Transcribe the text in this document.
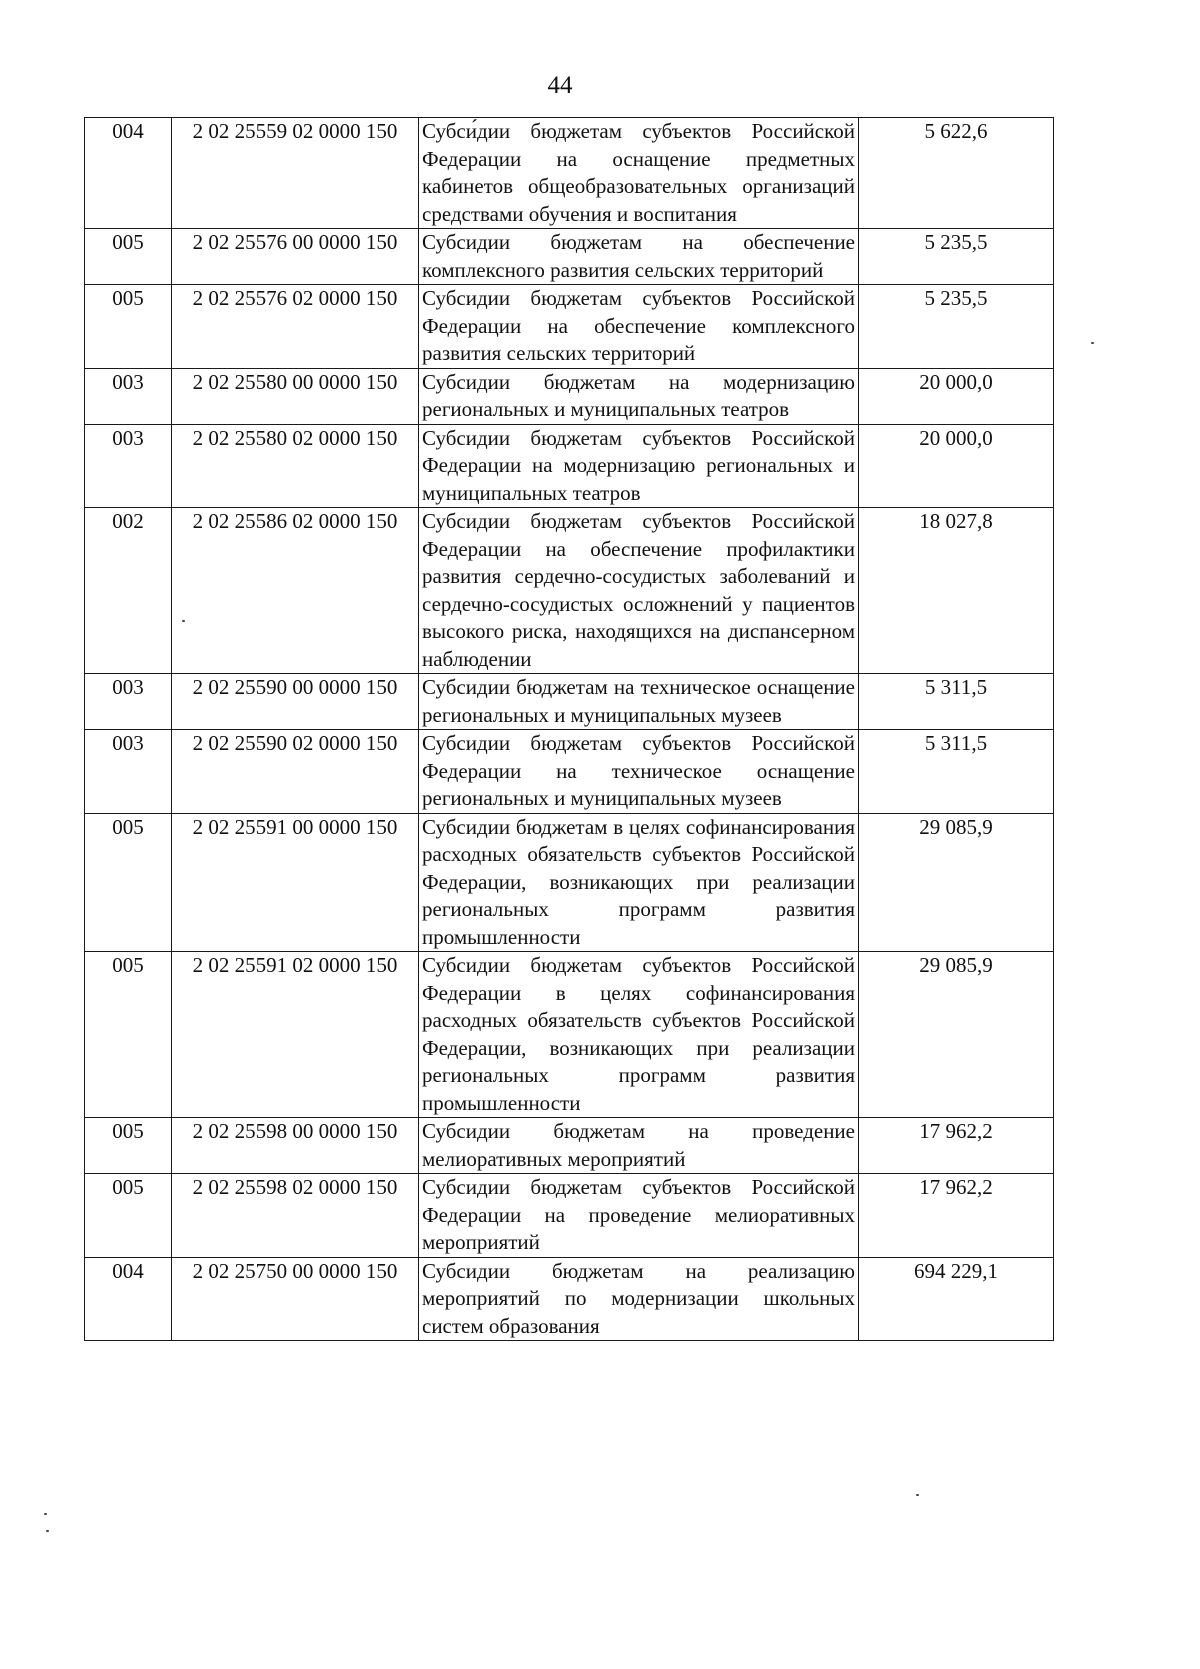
44
004	2 02 25559 02 0000 150	Субси́дии бюджетам субъектов Российской Федерации на оснащение предметных кабинетов общеобразовательных организаций средствами обучения и воспитания	5 622,6
005	2 02 25576 00 0000 150	Субсидии бюджетам на обеспечение комплексного развития сельских территорий	5 235,5
005	2 02 25576 02 0000 150	Субсидии бюджетам субъектов Российской Федерации на обеспечение комплексного развития сельских территорий	5 235,5
003	2 02 25580 00 0000 150	Субсидии бюджетам на модернизацию региональных и муниципальных театров	20 000,0
003	2 02 25580 02 0000 150	Субсидии бюджетам субъектов Российской Федерации на модернизацию региональных и муниципальных театров	20 000,0
002	2 02 25586 02 0000 150	Субсидии бюджетам субъектов Российской Федерации на обеспечение профилактики развития сердечно-сосудистых заболеваний и сердечно-сосудистых осложнений у пациентов высокого риска, находящихся на диспансерном наблюдении	18 027,8
003	2 02 25590 00 0000 150	Субсидии бюджетам на техническое оснащение региональных и муниципальных музеев	5 311,5
003	2 02 25590 02 0000 150	Субсидии бюджетам субъектов Российской Федерации на техническое оснащение региональных и муниципальных музеев	5 311,5
005	2 02 25591 00 0000 150	Субсидии бюджетам в целях софинансирования расходных обязательств субъектов Российской Федерации, возникающих при реализации региональных программ развития промышленности	29 085,9
005	2 02 25591 02 0000 150	Субсидии бюджетам субъектов Российской Федерации в целях софинансирования расходных обязательств субъектов Российской Федерации, возникающих при реализации региональных программ развития промышленности	29 085,9
005	2 02 25598 00 0000 150	Субсидии бюджетам на проведение мелиоративных мероприятий	17 962,2
005	2 02 25598 02 0000 150	Субсидии бюджетам субъектов Российской Федерации на проведение мелиоративных мероприятий	17 962,2
004	2 02 25750 00 0000 150	Субсидии бюджетам на реализацию мероприятий по модернизации школьных систем образования	694 229,1
